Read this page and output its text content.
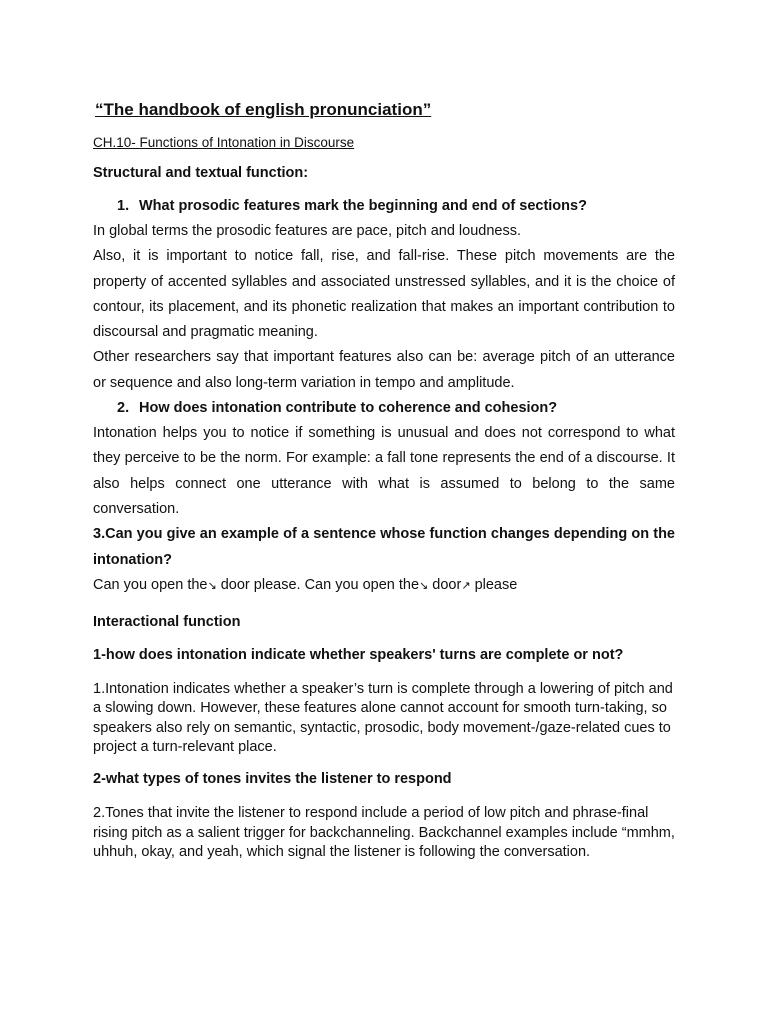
“The handbook of english pronunciation”
CH.10- Functions of Intonation in Discourse
Structural and textual function:
1. What prosodic features mark the beginning and end of sections?

In global terms the prosodic features are pace, pitch and loudness.

Also, it is important to notice fall, rise, and fall-rise. These pitch movements are the property of accented syllables and associated unstressed syllables, and it is the choice of contour, its placement, and its phonetic realization that makes an important contribution to discoursal and pragmatic meaning.

Other researchers say that important features also can be: average pitch of an utterance or sequence and also long-term variation in tempo and amplitude.

2. How does intonation contribute to coherence and cohesion?

Intonation helps you to notice if something is unusual and does not correspond to what they perceive to be the norm. For example: a fall tone represents the end of a discourse. It also helps connect one utterance with what is assumed to belong to the same conversation.

3.Can you give an example of a sentence whose function changes depending on the intonation?

Can you open the↘ door please. Can you open the↘ door↗ please

Interactional function
1-how does intonation indicate whether speakers' turns are complete or not?

1.Intonation indicates whether a speaker’s turn is complete through a lowering of pitch and a slowing down. However, these features alone cannot account for smooth turn-taking, so speakers also rely on semantic, syntactic, prosodic, body movement-/gaze-related cues to project a turn-relevant place.

2-what types of tones invites the listener to respond

2.Tones that invite the listener to respond include a period of low pitch and phrase-final rising pitch as a salient trigger for backchanneling. Backchannel examples include “mmhm, uhhuh, okay, and yeah, which signal the listener is following the conversation.
